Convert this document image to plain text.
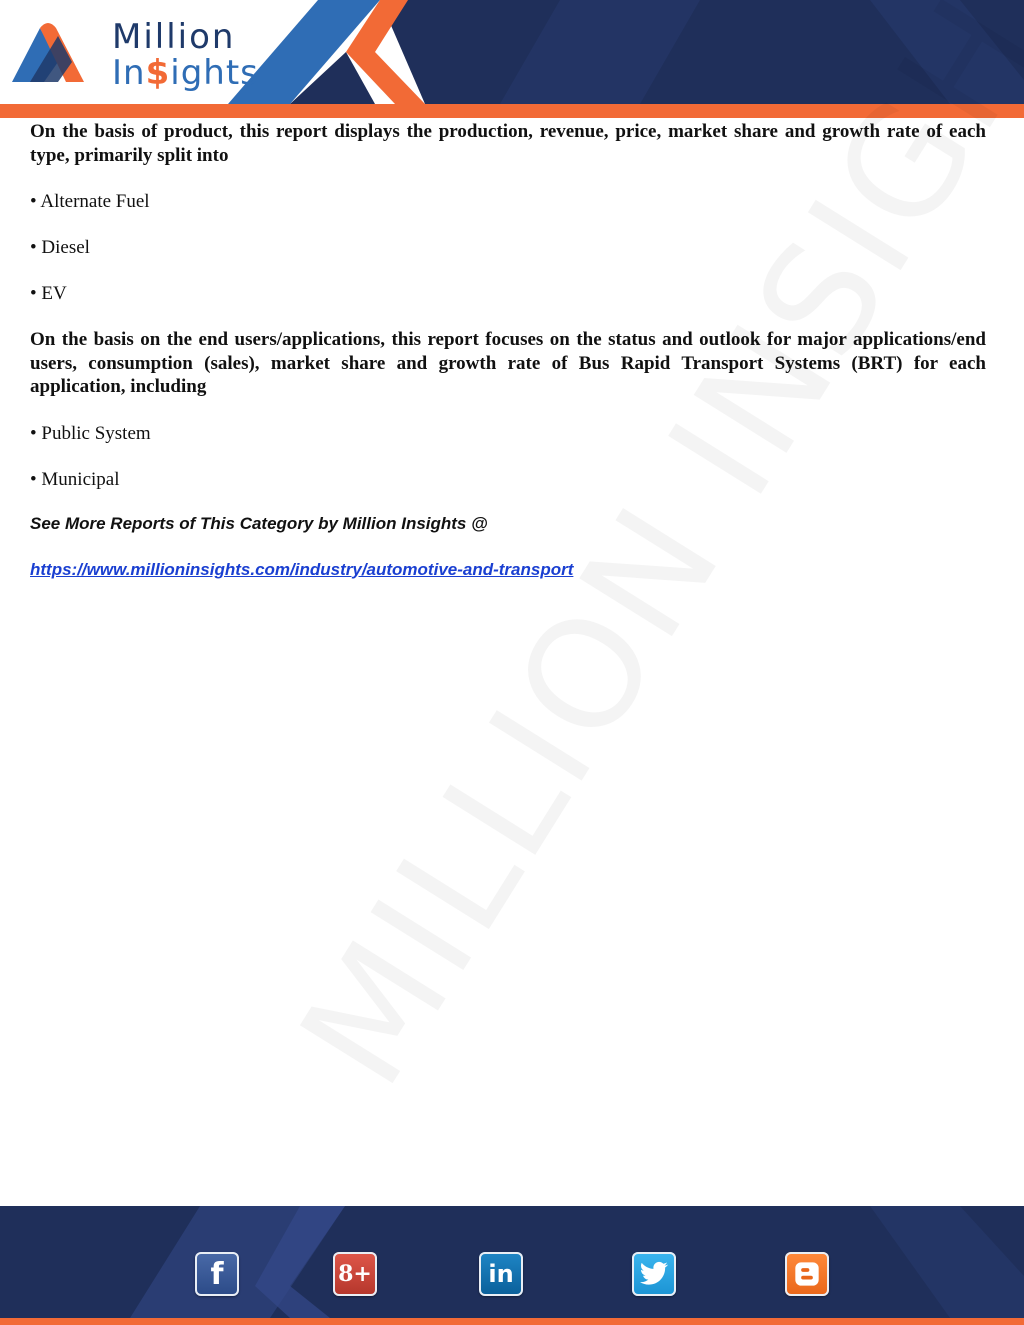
Million
In$ights

On the basis of product, this report displays the production, revenue, price, market share and growth rate of each type, primarily split into

• Alternate Fuel

• Diesel

• EV

On the basis on the end users/applications, this report focuses on the status and outlook for major applications/end users, consumption (sales), market share and growth rate of Bus Rapid Transport Systems (BRT) for each application, including

• Public System

• Municipal

See More Reports of This Category by Million Insights @

https://www.millioninsights.com/industry/automotive-and-transport
f	8+	in
